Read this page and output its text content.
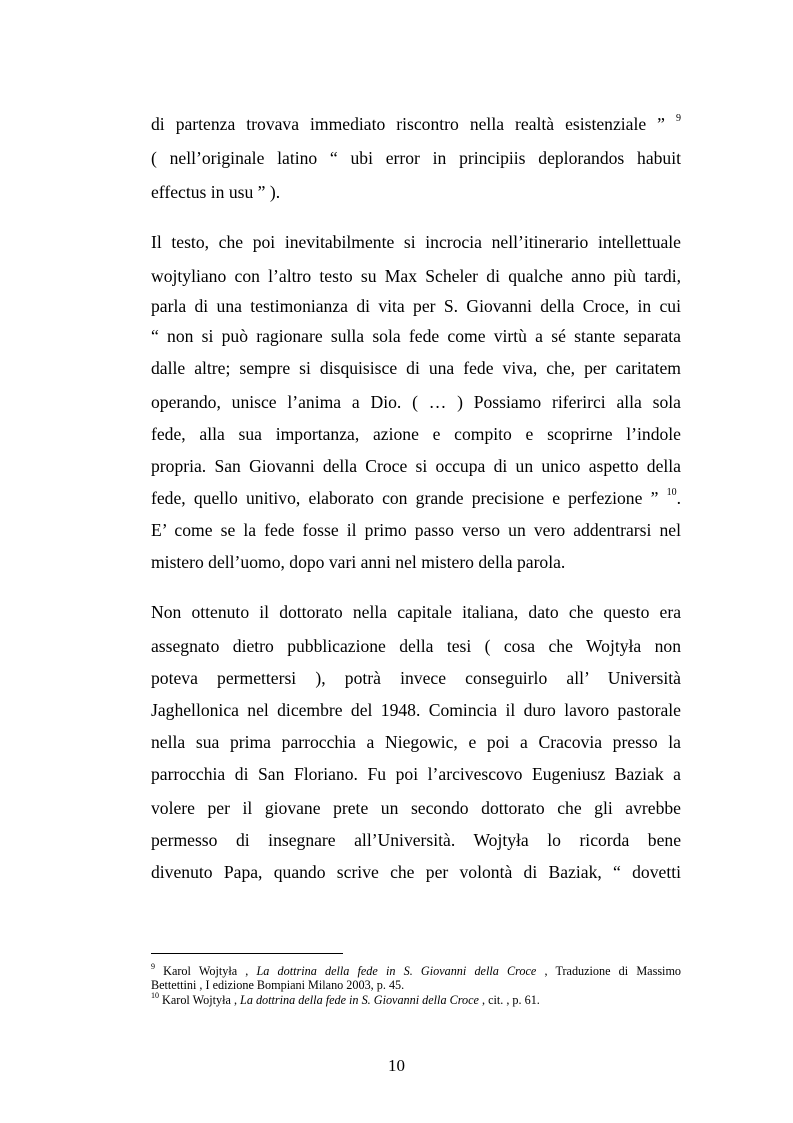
di partenza trovava immediato riscontro nella realtà esistenziale ” $^9$
( nell’originale latino “ ubi error in principiis deplorandos habuit
effectus in usu ” ).
Il testo, che poi inevitabilmente si incrocia nell’itinerario intellettuale
wojtyliano con l’altro testo su Max Scheler di qualche anno più tardi,
parla di una testimonianza di vita per S. Giovanni della Croce, in cui
“ non si può ragionare sulla sola fede come virtù a sé stante separata
dalle altre; sempre si disquisisce di una fede viva, che, per caritatem
operando, unisce l’anima a Dio. ( … ) Possiamo riferirci alla sola
fede, alla sua importanza, azione e compito e scoprirne l’indole
propria. San Giovanni della Croce si occupa di un unico aspetto della
fede, quello unitivo, elaborato con grande precisione e perfezione ” $^{10}$.
E’ come se la fede fosse il primo passo verso un vero addentrarsi nel
mistero dell’uomo, dopo vari anni nel mistero della parola.
Non ottenuto il dottorato nella capitale italiana, dato che questo era
assegnato dietro pubblicazione della tesi ( cosa che Wojtyła non
poteva permettersi ), potrà invece conseguirlo all’ Università
Jaghellonica nel dicembre del 1948. Comincia il duro lavoro pastorale
nella sua prima parrocchia a Niegowic, e poi a Cracovia presso la
parrocchia di San Floriano. Fu poi l’arcivescovo Eugeniusz Baziak a
volere per il giovane prete un secondo dottorato che gli avrebbe
permesso di insegnare all’Università. Wojtyła lo ricorda bene
divenuto Papa, quando scrive che per volontà di Baziak, “ dovetti
$^9$ Karol Wojtyła , La dottrina della fede in S. Giovanni della Croce , Traduzione di Massimo
Bettettini , I edizione Bompiani Milano 2003, p. 45.
$^{10}$ Karol Wojtyła , La dottrina della fede in S. Giovanni della Croce , cit. , p. 61.
10
